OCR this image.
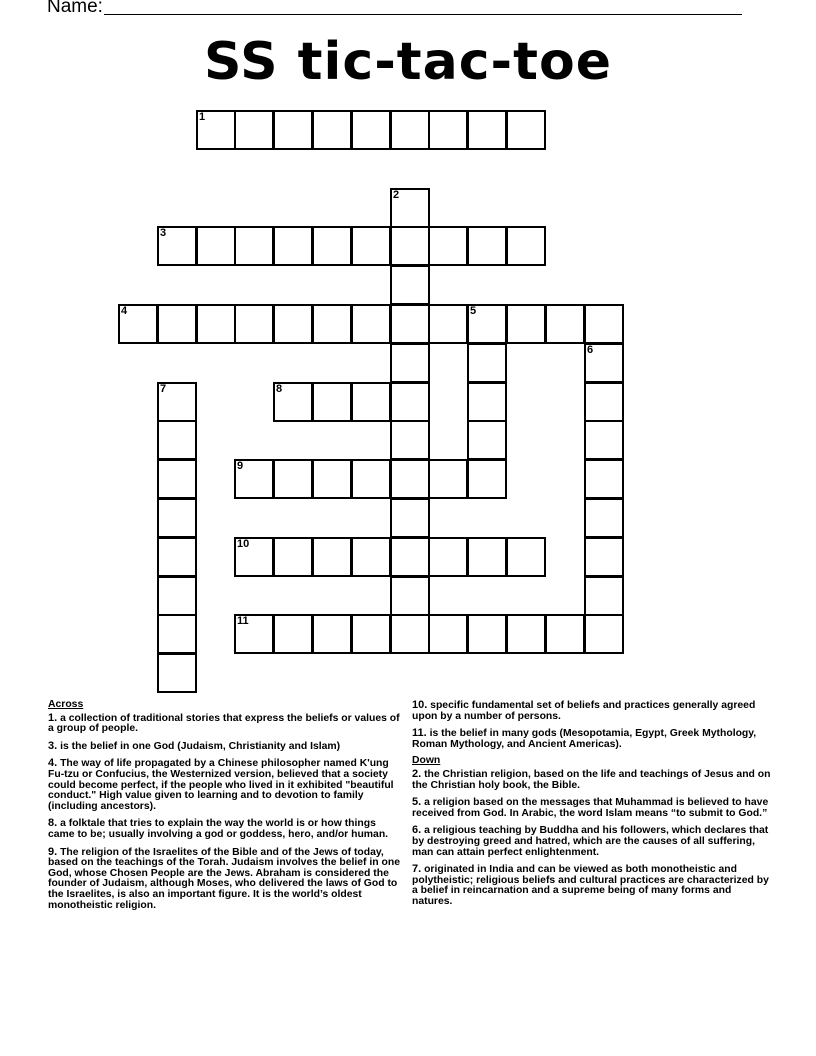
Name:
SS tic-tac-toe
1
2
3
4	5
6
7	8
9
10
11
Across
1. a collection of traditional stories that express the beliefs or values of a group of people.
3. is the belief in one God (Judaism, Christianity and Islam)
4. The way of life propagated by a Chinese philosopher named K'ung Fu-tzu or Confucius, the Westernized version, believed that a society could become perfect, if the people who lived in it exhibited "beautiful conduct." High value given to learning and to devotion to family (including ancestors).
8. a folktale that tries to explain the way the world is or how things came to be; usually involving a god or goddess, hero, and/or human.
9. The religion of the Israelites of the Bible and of the Jews of today, based on the teachings of the Torah. Judaism involves the belief in one God, whose Chosen People are the Jews. Abraham is considered the founder of Judaism, although Moses, who delivered the laws of God to the Israelites, is also an important figure. It is the world’s oldest monotheistic religion.
10. specific fundamental set of beliefs and practices generally agreed upon by a number of persons.
11. is the belief in many gods (Mesopotamia, Egypt, Greek Mythology, Roman Mythology, and Ancient Americas).
Down
2. the Christian religion, based on the life and teachings of Jesus and on the Christian holy book, the Bible.
5. a religion based on the messages that Muhammad is believed to have received from God. In Arabic, the word Islam means “to submit to God.”
6. a religious teaching by Buddha and his followers, which declares that by destroying greed and hatred, which are the causes of all suffering, man can attain perfect enlightenment.
7. originated in India and can be viewed as both monotheistic and polytheistic; religious beliefs and cultural practices are characterized by a belief in reincarnation and a supreme being of many forms and natures.
